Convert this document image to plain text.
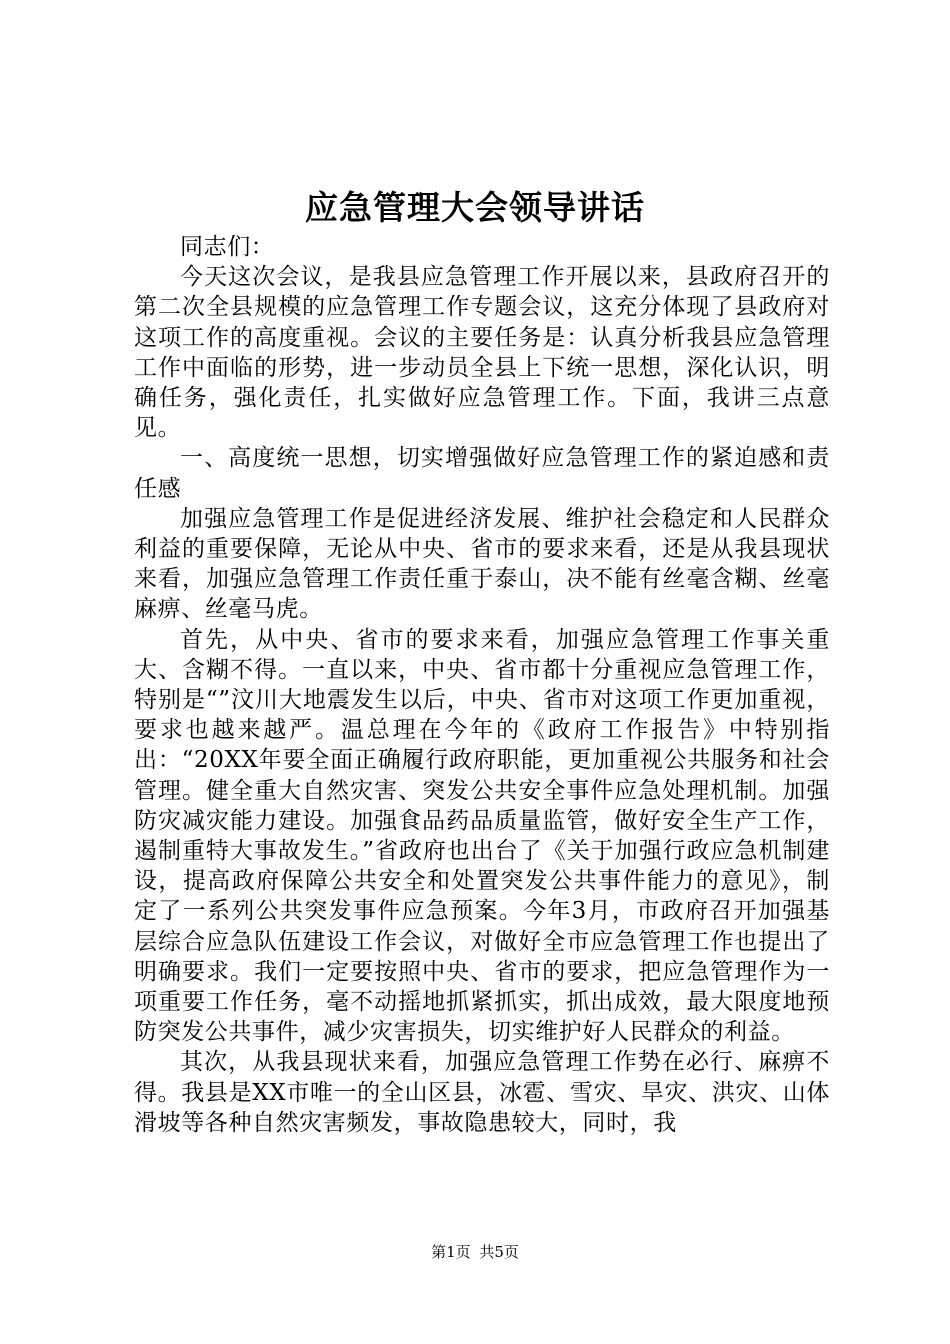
应急管理大会领导讲话

同志们：

今天这次会议，是我县应急管理工作开展以来，县政府召开的第二次全县规模的应急管理工作专题会议，这充分体现了县政府对这项工作的高度重视。会议的主要任务是：认真分析我县应急管理工作中面临的形势，进一步动员全县上下统一思想，深化认识，明确任务，强化责任，扎实做好应急管理工作。下面，我讲三点意见。

一、高度统一思想，切实增强做好应急管理工作的紧迫感和责任感

加强应急管理工作是促进经济发展、维护社会稳定和人民群众利益的重要保障，无论从中央、省市的要求来看，还是从我县现状来看，加强应急管理工作责任重于泰山，决不能有丝毫含糊、丝毫麻痹、丝毫马虎。

首先，从中央、省市的要求来看，加强应急管理工作事关重大、含糊不得。一直以来，中央、省市都十分重视应急管理工作，特别是“”汶川大地震发生以后，中央、省市对这项工作更加重视，要求也越来越严。温总理在今年的《政府工作报告》中特别指出：“20XX年要全面正确履行政府职能，更加重视公共服务和社会管理。健全重大自然灾害、突发公共安全事件应急处理机制。加强防灾减灾能力建设。加强食品药品质量监管，做好安全生产工作，遏制重特大事故发生。”省政府也出台了《关于加强行政应急机制建设，提高政府保障公共安全和处置突发公共事件能力的意见》，制定了一系列公共突发事件应急预案。今年3月，市政府召开加强基层综合应急队伍建设工作会议，对做好全市应急管理工作也提出了明确要求。我们一定要按照中央、省市的要求，把应急管理作为一项重要工作任务，毫不动摇地抓紧抓实，抓出成效，最大限度地预防突发公共事件，减少灾害损失，切实维护好人民群众的利益。

其次，从我县现状来看，加强应急管理工作势在必行、麻痹不得。我县是XX市唯一的全山区县，冰雹、雪灾、旱灾、洪灾、山体滑坡等各种自然灾害频发，事故隐患较大，同时，我

第1页 共5页
